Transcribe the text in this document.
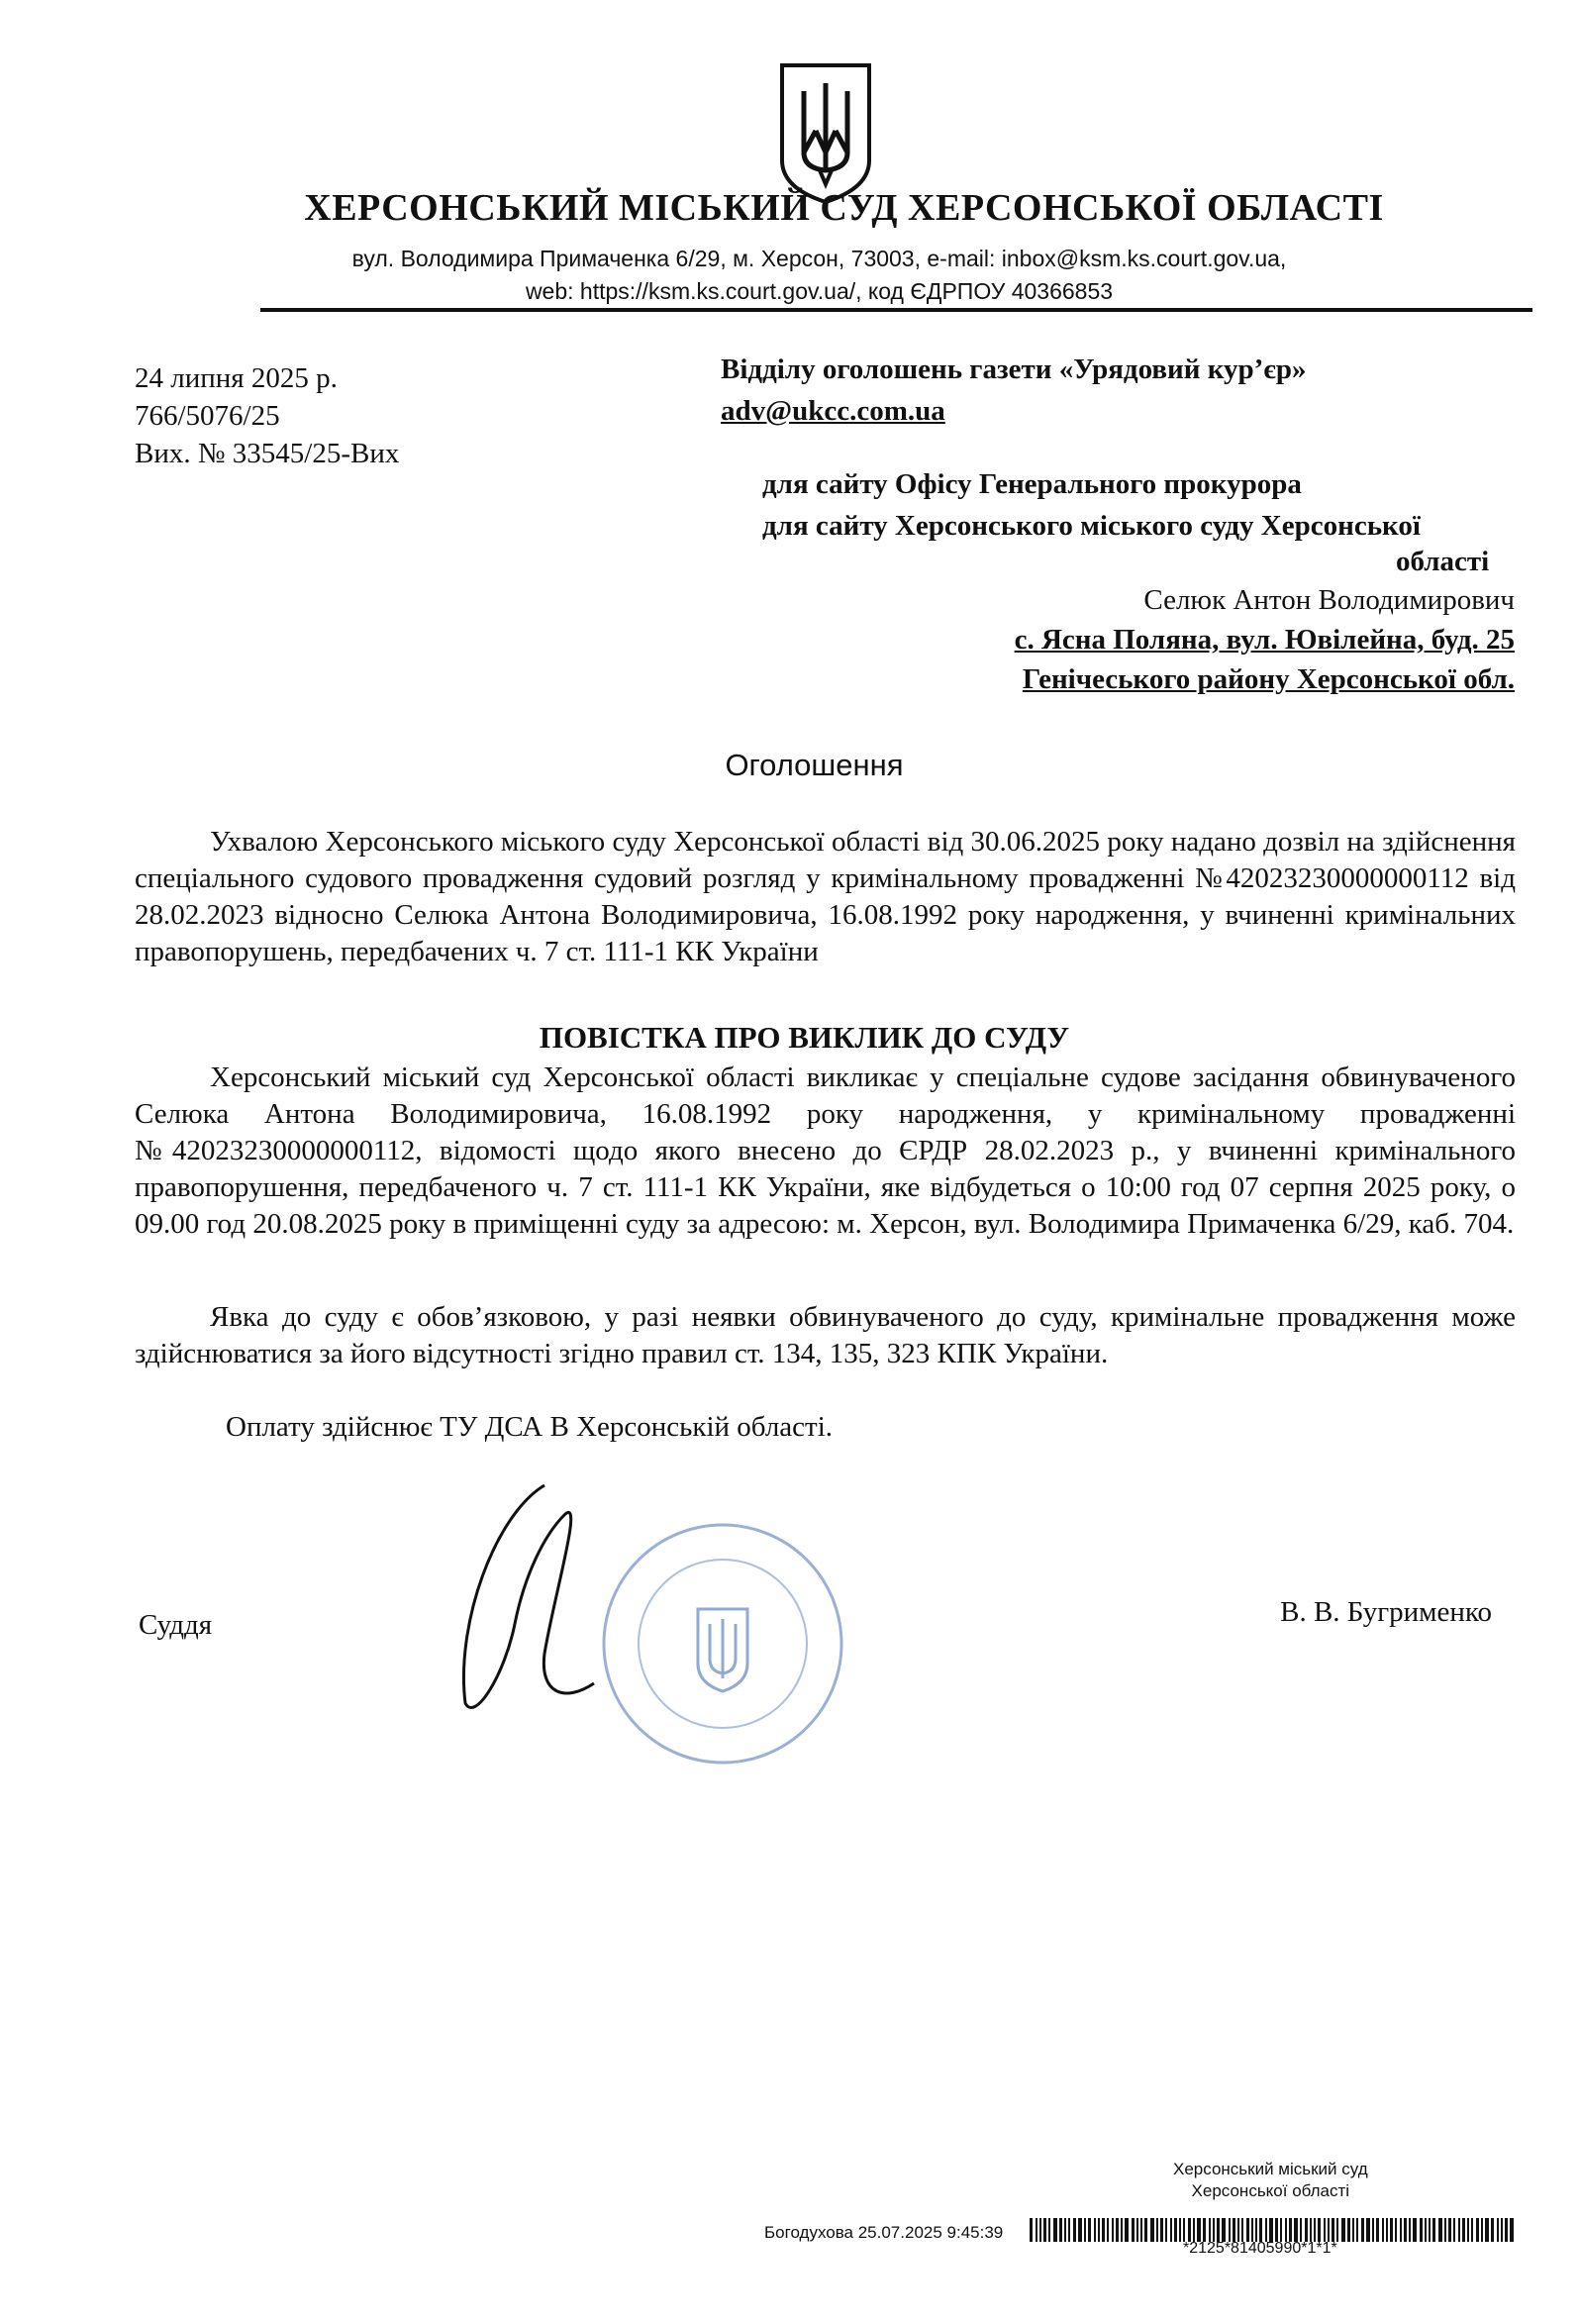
ХЕРСОНСЬКИЙ МІСЬКИЙ СУД ХЕРСОНСЬКОЇ ОБЛАСТІ
вул. Володимира Примаченка 6/29, м. Херсон, 73003, e-mail: inbox@ksm.ks.court.gov.ua,
web: https://ksm.ks.court.gov.ua/, код ЄДРПОУ 40366853
24 липня 2025 р.
766/5076/25
Вих. № 33545/25-Вих
Відділу оголошень газети «Урядовий кур’єр»
adv@ukcc.com.ua
для сайту Офісу Генерального прокурора
для сайту Херсонського міського суду Херсонської
області
Селюк Антон Володимирович
с. Ясна Поляна, вул. Ювілейна, буд. 25
Генічеського району Херсонської обл.
Оголошення
Ухвалою Херсонського міського суду Херсонської області від 30.06.2025 року надано дозвіл на здійснення спеціального судового провадження судовий розгляд у кримінальному провадженні №42023230000000112 від 28.02.2023 відносно Селюка Антона Володимировича, 16.08.1992 року народження, у вчиненні кримінальних правопорушень, передбачених ч. 7 ст. 111-1 КК України
ПОВІСТКА ПРО ВИКЛИК ДО СУДУ
Херсонський міський суд Херсонської області викликає у спеціальне судове засідання обвинуваченого Селюка Антона Володимировича, 16.08.1992 року народження, у кримінальному провадженні №42023230000000112, відомості щодо якого внесено до ЄРДР 28.02.2023 р., у вчиненні кримінального правопорушення, передбаченого ч. 7 ст. 111-1 КК України, яке відбудеться о 10:00 год 07 серпня 2025 року, о 09.00 год 20.08.2025 року в приміщенні суду за адресою: м. Херсон, вул. Володимира Примаченка 6/29, каб. 704.
Явка до суду є обов’язковою, у разі неявки обвинуваченого до суду, кримінальне провадження може здійснюватися за його відсутності згідно правил ст. 134, 135, 323 КПК України.
Оплату здійснює ТУ ДСА В Херсонській області.
Суддя	В. В. Бугрименко
Херсонський міський суд
Херсонської області
Богодухова 25.07.2025 9:45:39
*2125*81405990*1*1*
